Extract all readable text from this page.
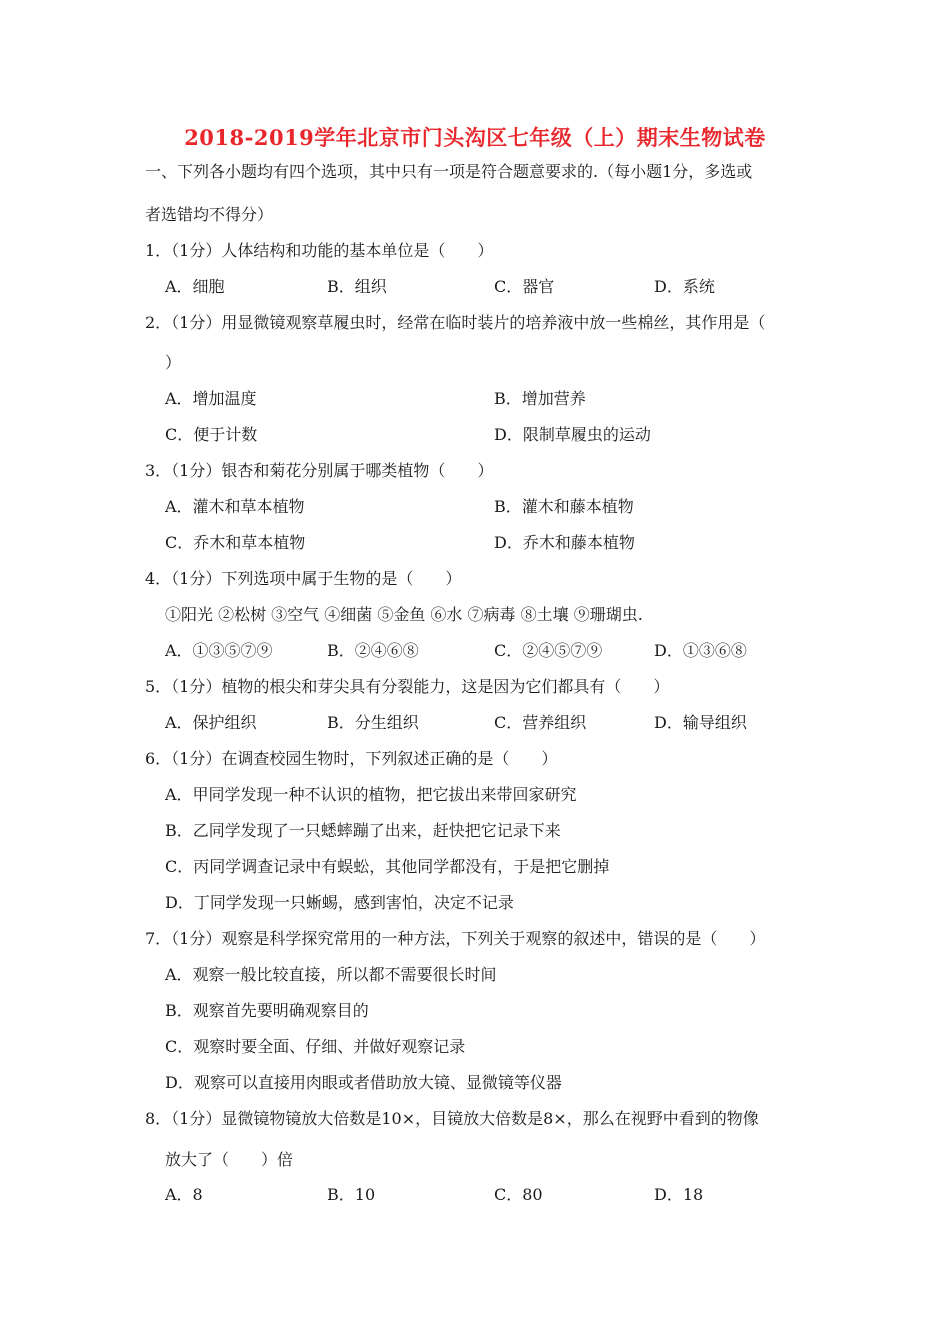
2018-2019学年北京市门头沟区七年级（上）期末生物试卷
一、下列各小题均有四个选项，其中只有一项是符合题意要求的.（每小题1分，多选或
者选错均不得分）
1．（1分）人体结构和功能的基本单位是（　　）
A．细胞	B．组织	C．器官	D．系统
2．（1分）用显微镜观察草履虫时，经常在临时装片的培养液中放一些棉丝，其作用是（
）
A．增加温度	B．增加营养
C．便于计数	D．限制草履虫的运动
3．（1分）银杏和菊花分别属于哪类植物（　　）
A．灌木和草本植物	B．灌木和藤本植物
C．乔木和草本植物	D．乔木和藤本植物
4．（1分）下列选项中属于生物的是（　　）
①阳光 ②松树 ③空气 ④细菌 ⑤金鱼 ⑥水 ⑦病毒 ⑧土壤 ⑨珊瑚虫.
A．①③⑤⑦⑨	B．②④⑥⑧	C．②④⑤⑦⑨	D．①③⑥⑧
5．（1分）植物的根尖和芽尖具有分裂能力，这是因为它们都具有（　　）
A．保护组织	B．分生组织	C．营养组织	D．输导组织
6．（1分）在调查校园生物时，下列叙述正确的是（　　）
A．甲同学发现一种不认识的植物，把它拔出来带回家研究
B．乙同学发现了一只蟋蟀蹦了出来，赶快把它记录下来
C．丙同学调查记录中有蜈蚣，其他同学都没有，于是把它删掉
D．丁同学发现一只蜥蜴，感到害怕，决定不记录
7．（1分）观察是科学探究常用的一种方法，下列关于观察的叙述中，错误的是（　　）
A．观察一般比较直接，所以都不需要很长时间
B．观察首先要明确观察目的
C．观察时要全面、仔细、并做好观察记录
D．观察可以直接用肉眼或者借助放大镜、显微镜等仪器
8．（1分）显微镜物镜放大倍数是10×，目镜放大倍数是8×，那么在视野中看到的物像
放大了（　　）倍
A．8	B．10	C．80	D．18
